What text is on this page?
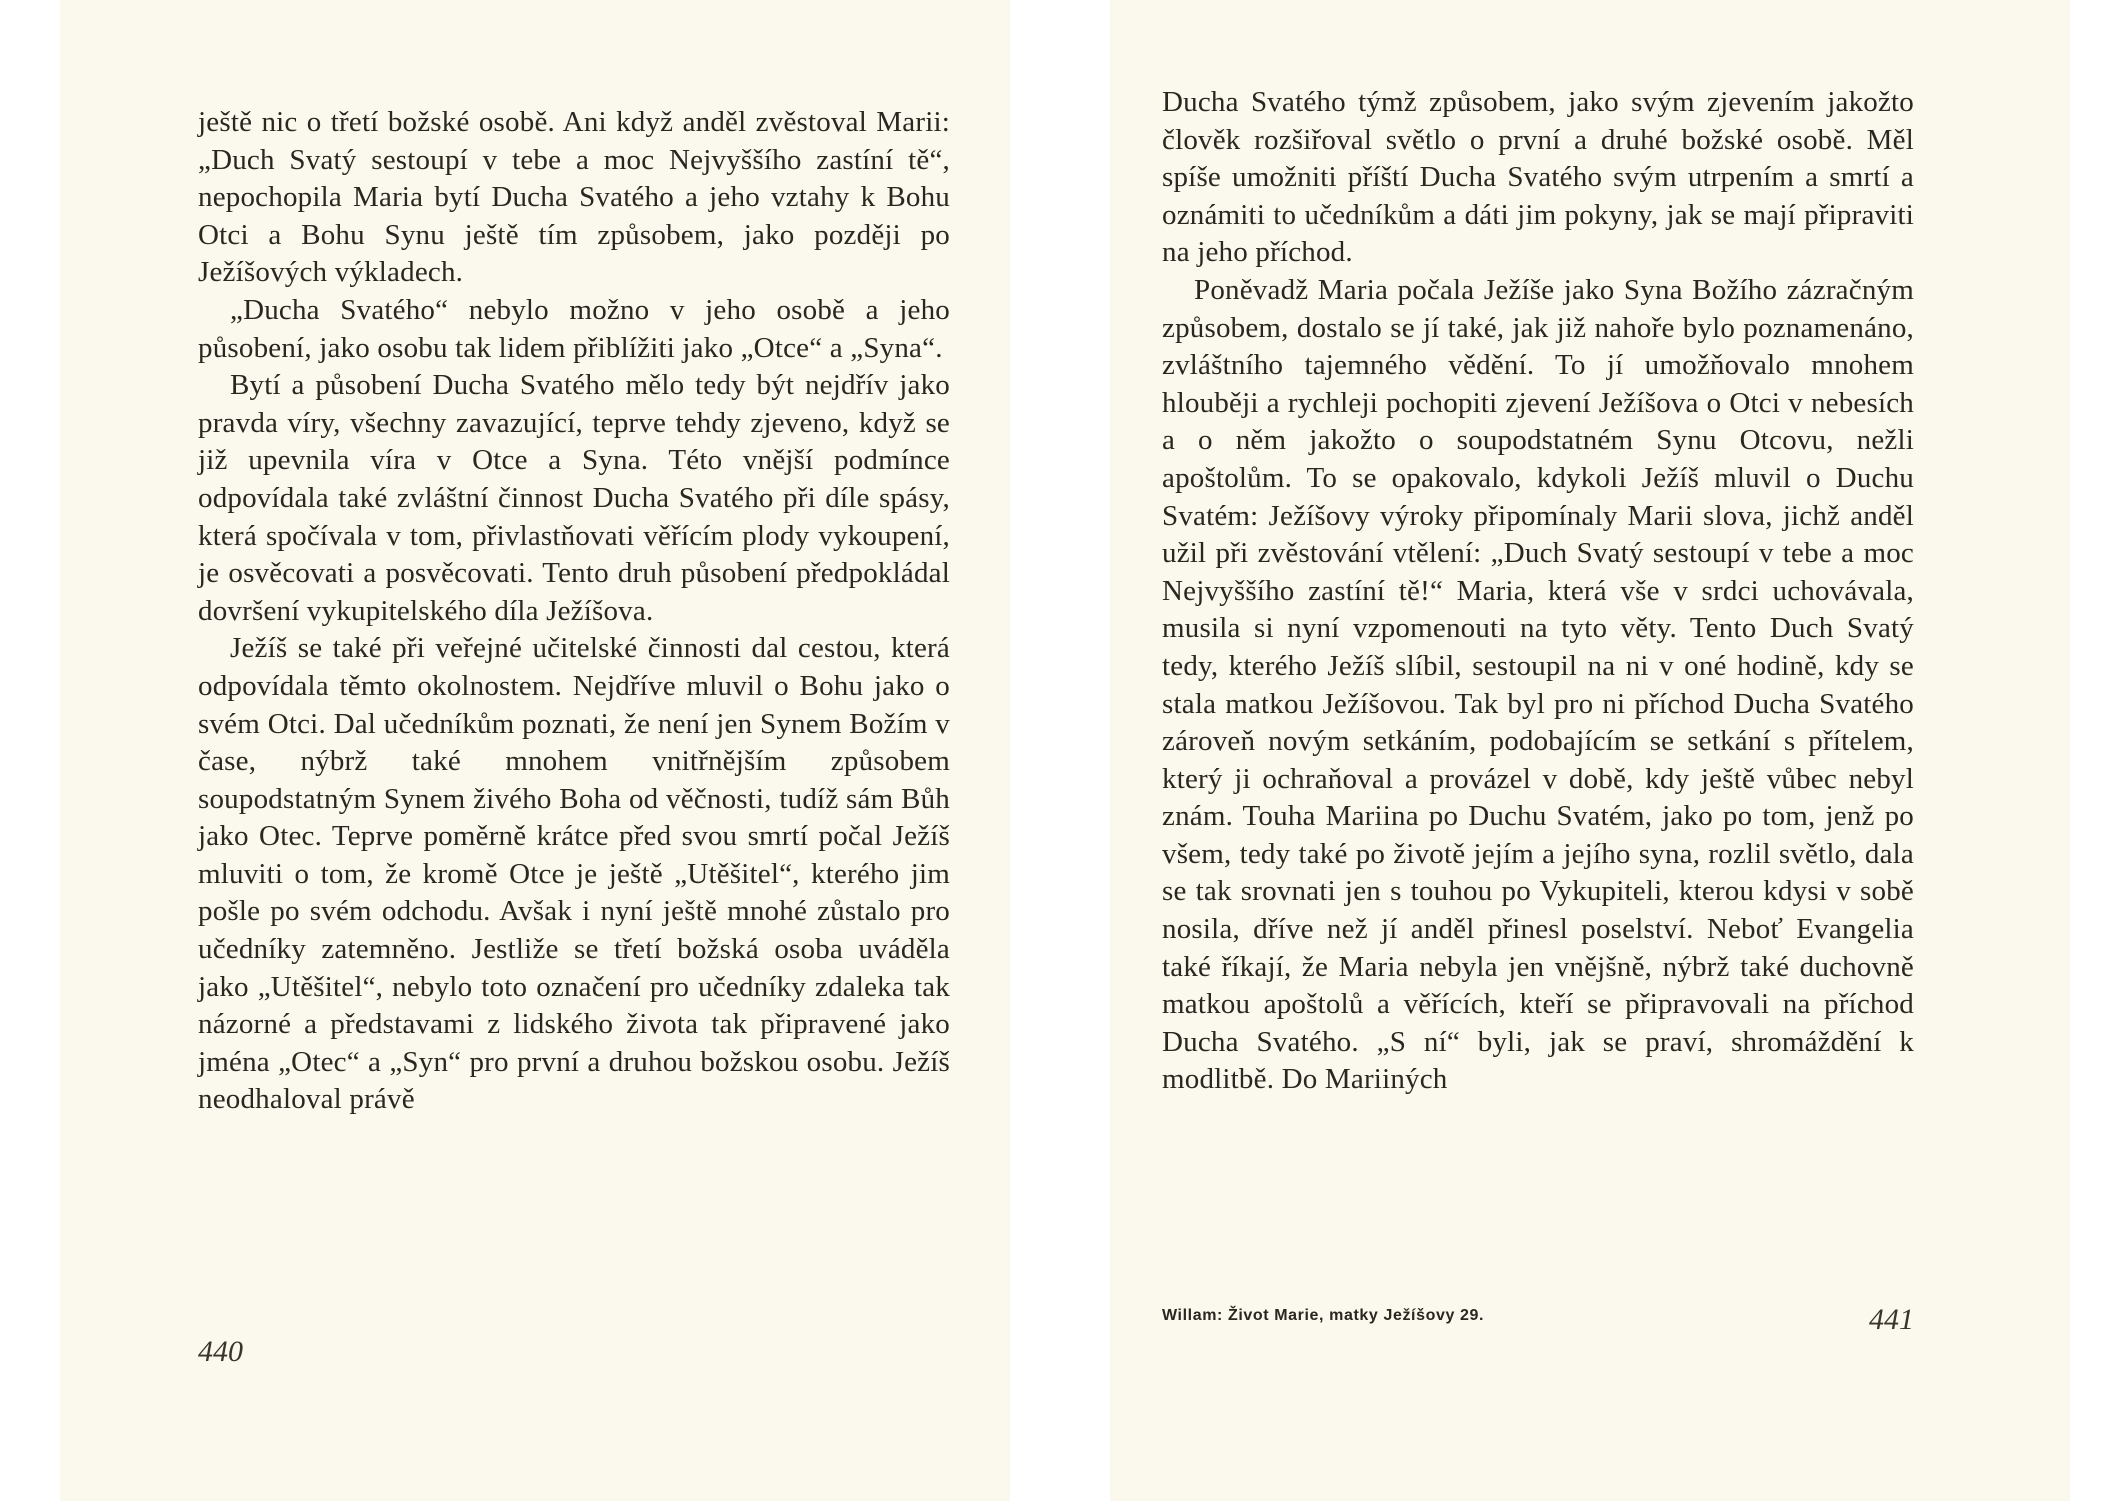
ještě nic o třetí božské osobě. Ani když anděl zvěstoval Marii: „Duch Svatý sestoupí v tebe a moc Nejvyššího zastíní tě“, nepochopila Maria bytí Ducha Svatého a jeho vztahy k Bohu Otci a Bohu Synu ještě tím způsobem, jako později po Ježíšových výkladech.

„Ducha Svatého“ nebylo možno v jeho osobě a jeho působení, jako osobu tak lidem přiblížiti jako „Otce“ a „Syna“.

Bytí a působení Ducha Svatého mělo tedy být nejdřív jako pravda víry, všechny zavazující, teprve tehdy zjeveno, když se již upevnila víra v Otce a Syna. Této vnější podmínce odpovídala také zvláštní činnost Ducha Svatého při díle spásy, která spočívala v tom, přivlastňovati věřícím plody vykoupení, je osvěcovati a posvěcovati. Tento druh působení předpokládal dovršení vykupitelského díla Ježíšova.

Ježíš se také při veřejné učitelské činnosti dal cestou, která odpovídala těmto okolnostem. Nejdříve mluvil o Bohu jako o svém Otci. Dal učedníkům poznati, že není jen Synem Božím v čase, nýbrž také mnohem vnitřnějším způsobem soupodstatným Synem živého Boha od věčnosti, tudíž sám Bůh jako Otec. Teprve poměrně krátce před svou smrtí počal Ježíš mluviti o tom, že kromě Otce je ještě „Utěšitel“, kterého jim pošle po svém odchodu. Avšak i nyní ještě mnohé zůstalo pro učedníky zatemněno. Jestliže se třetí božská osoba uváděla jako „Utěšitel“, nebylo toto označení pro učedníky zdaleka tak názorné a představami z lidského života tak připravené jako jména „Otec“ a „Syn“ pro první a druhou božskou osobu. Ježíš neodhaloval právě

440

Ducha Svatého týmž způsobem, jako svým zjevením jakožto člověk rozšiřoval světlo o první a druhé božské osobě. Měl spíše umožniti příští Ducha Svatého svým utrpením a smrtí a oznámiti to učedníkům a dáti jim pokyny, jak se mají připraviti na jeho příchod.

Poněvadž Maria počala Ježíše jako Syna Božího zázračným způsobem, dostalo se jí také, jak již nahoře bylo poznamenáno, zvláštního tajemného vědění. To jí umožňovalo mnohem hlouběji a rychleji pochopiti zjevení Ježíšova o Otci v nebesích a o něm jakožto o soupodstatném Synu Otcovu, nežli apoštolům. To se opakovalo, kdykoli Ježíš mluvil o Duchu Svatém: Ježíšovy výroky připomínaly Marii slova, jichž anděl užil při zvěstování vtělení: „Duch Svatý sestoupí v tebe a moc Nejvyššího zastíní tě!“ Maria, která vše v srdci uchovávala, musila si nyní vzpomenouti na tyto věty. Tento Duch Svatý tedy, kterého Ježíš slíbil, sestoupil na ni v oné hodině, kdy se stala matkou Ježíšovou. Tak byl pro ni příchod Ducha Svatého zároveň novým setkáním, podobajícím se setkání s přítelem, který ji ochraňoval a provázel v době, kdy ještě vůbec nebyl znám. Touha Mariina po Duchu Svatém, jako po tom, jenž po všem, tedy také po životě jejím a jejího syna, rozlil světlo, dala se tak srovnati jen s touhou po Vykupiteli, kterou kdysi v sobě nosila, dříve než jí anděl přinesl poselství. Neboť Evangelia také říkají, že Maria nebyla jen vnějšně, nýbrž také duchovně matkou apoštolů a věřících, kteří se připravovali na příchod Ducha Svatého. „S ní“ byli, jak se praví, shromáždění k modlitbě. Do Mariiných

Willam: Život Marie, matky Ježíšovy 29.	441
